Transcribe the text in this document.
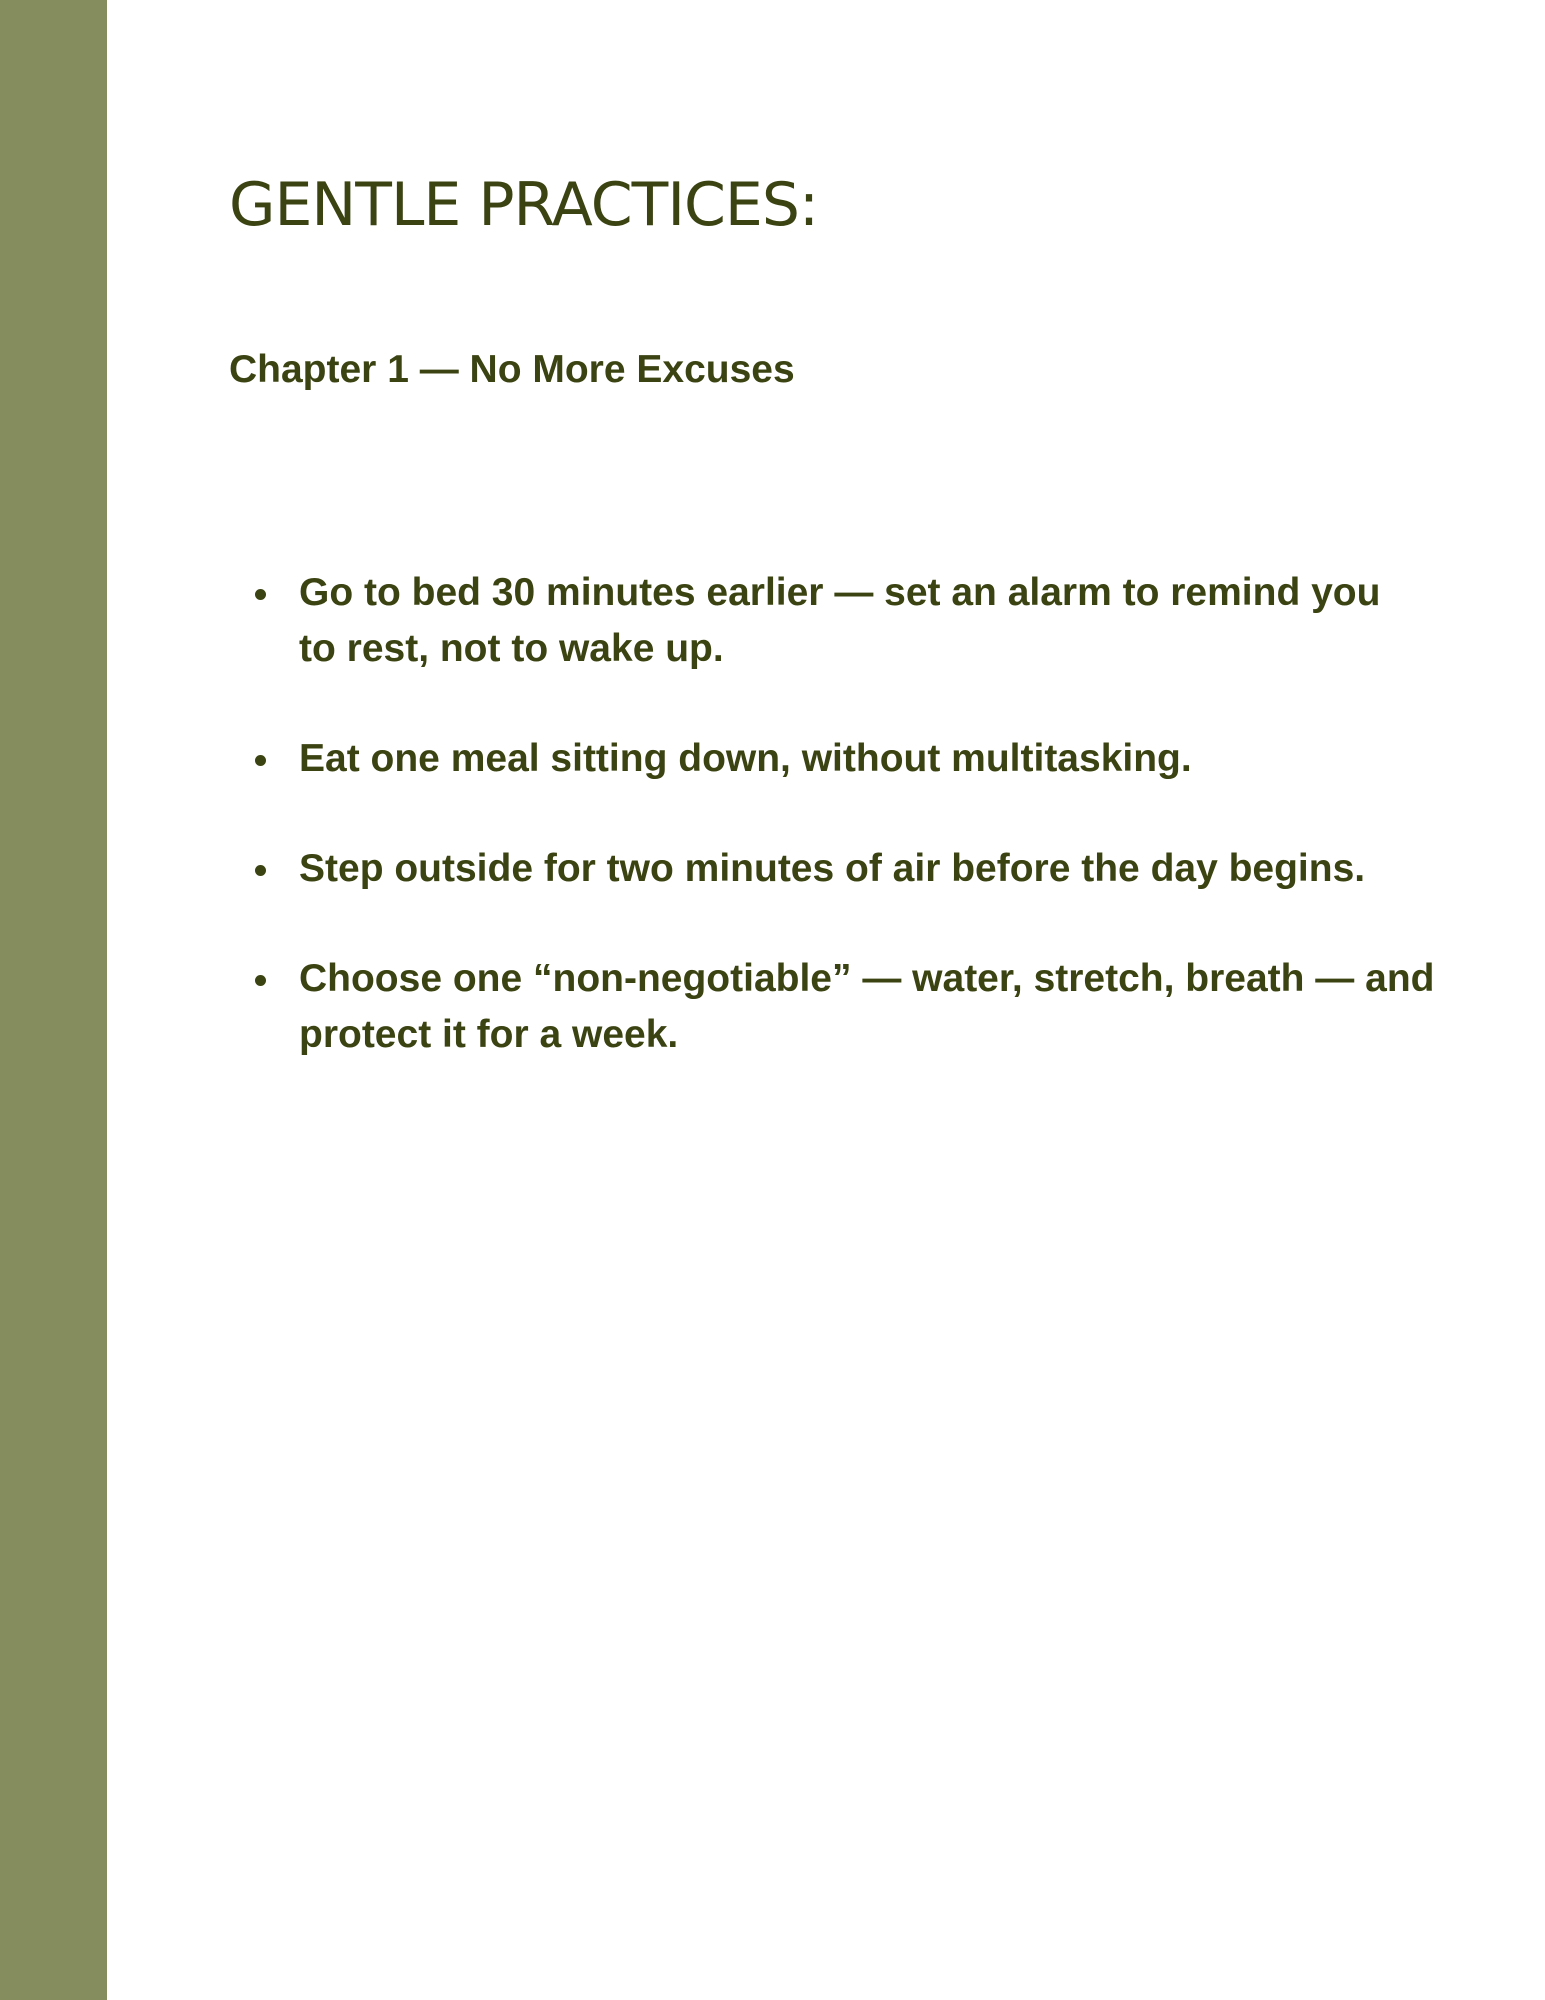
GENTLE PRACTICES:
Chapter 1 — No More Excuses
Go to bed 30 minutes earlier — set an alarm to remind you to rest, not to wake up.
Eat one meal sitting down, without multitasking.
Step outside for two minutes of air before the day begins.
Choose one “non-negotiable” — water, stretch, breath — and protect it for a week.
